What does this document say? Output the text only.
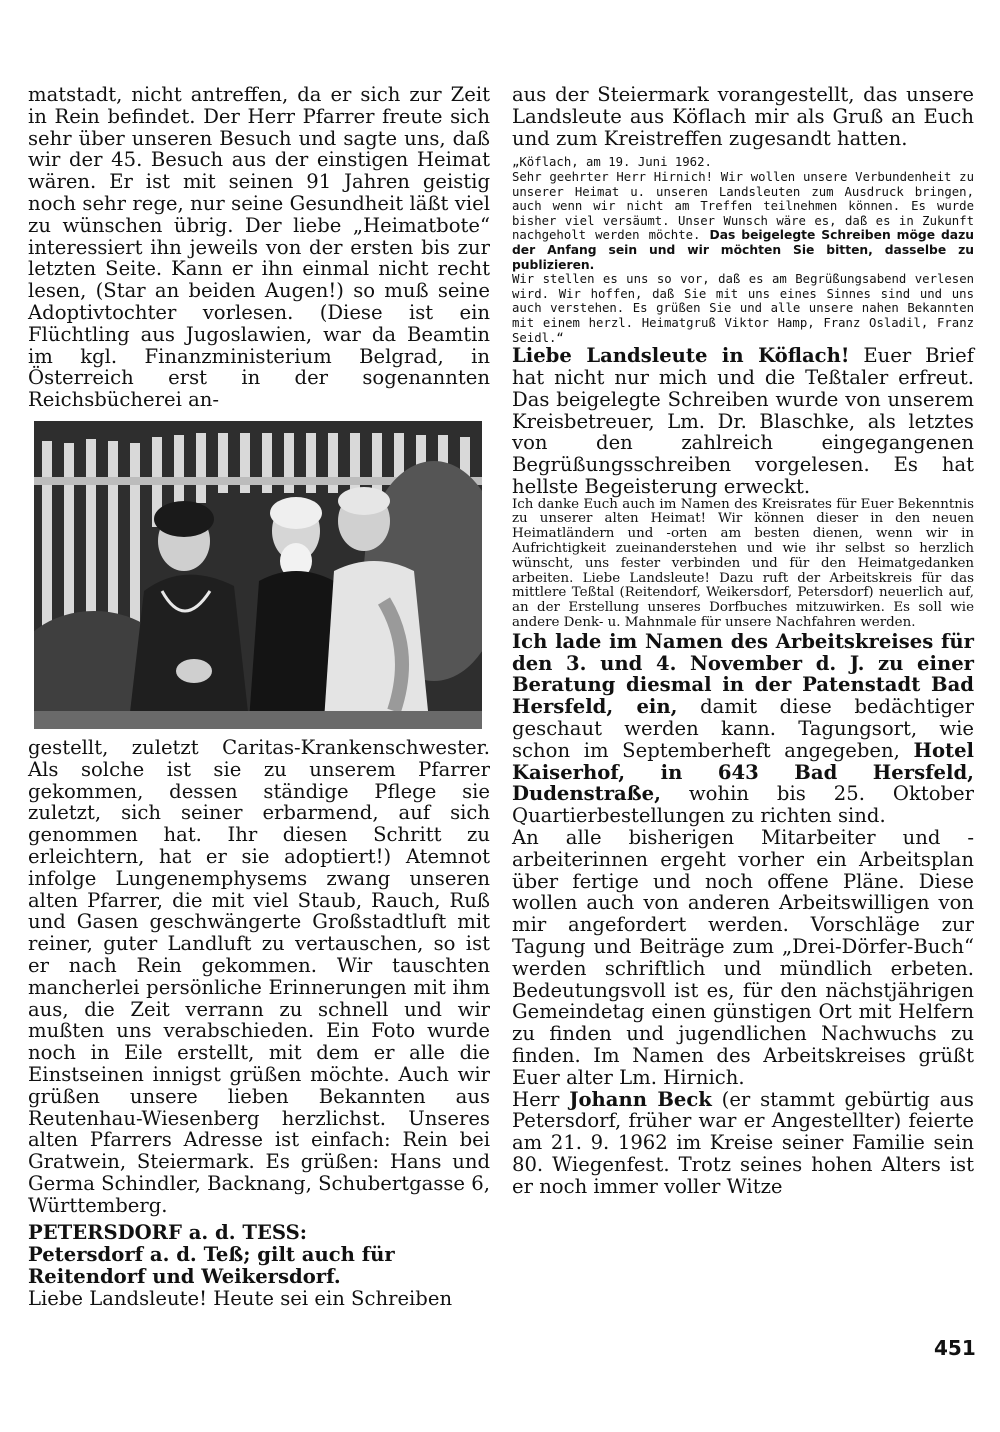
matstadt, nicht antreffen, da er sich zur Zeit in Rein befindet. Der Herr Pfarrer freute sich sehr über unseren Besuch und sagte uns, daß wir der 45. Besuch aus der einstigen Heimat wären. Er ist mit seinen 91 Jahren geistig noch sehr rege, nur seine Gesundheit läßt viel zu wünschen übrig. Der liebe „Heimatbote“ interessiert ihn jeweils von der ersten bis zur letzten Seite. Kann er ihn einmal nicht recht lesen, (Star an beiden Augen!) so muß seine Adoptivtochter vorlesen. (Diese ist ein Flüchtling aus Jugoslawien, war da Beamtin im kgl. Finanzministerium Belgrad, in Österreich erst in der sogenannten Reichsbücherei an-

gestellt, zuletzt Caritas-Krankenschwester. Als solche ist sie zu unserem Pfarrer gekommen, dessen ständige Pflege sie zuletzt, sich seiner erbarmend, auf sich genommen hat. Ihr diesen Schritt zu erleichtern, hat er sie adoptiert!) Atemnot infolge Lungenemphysems zwang unseren alten Pfarrer, die mit viel Staub, Rauch, Ruß und Gasen geschwängerte Großstadtluft mit reiner, guter Landluft zu vertauschen, so ist er nach Rein gekommen. Wir tauschten mancherlei persönliche Erinnerungen mit ihm aus, die Zeit verrann zu schnell und wir mußten uns verabschieden. Ein Foto wurde noch in Eile erstellt, mit dem er alle die Einstseinen innigst grüßen möchte. Auch wir grüßen unsere lieben Bekannten aus Reutenhau-Wiesenberg herzlichst. Unseres alten Pfarrers Adresse ist einfach: Rein bei Gratwein, Steiermark. Es grüßen: Hans und Germa Schindler, Backnang, Schubertgasse 6, Württemberg.

PETERSDORF a. d. TESS:

Petersdorf a. d. Teß; gilt auch für Reitendorf und Weikersdorf.

Liebe Landsleute! Heute sei ein Schreiben

aus der Steiermark vorangestellt, das unsere Landsleute aus Köflach mir als Gruß an Euch und zum Kreistreffen zugesandt hatten.

„Köflach, am 19. Juni 1962.

Sehr geehrter Herr Hirnich! Wir wollen unsere Verbundenheit zu unserer Heimat u. unseren Landsleuten zum Ausdruck bringen, auch wenn wir nicht am Treffen teilnehmen können. Es wurde bisher viel versäumt. Unser Wunsch wäre es, daß es in Zukunft nachgeholt werden möchte. Das beigelegte Schreiben möge dazu der Anfang sein und wir möchten Sie bitten, dasselbe zu publizieren.

Wir stellen es uns so vor, daß es am Begrüßungsabend verlesen wird. Wir hoffen, daß Sie mit uns eines Sinnes sind und uns auch verstehen. Es grüßen Sie und alle unsere nahen Bekannten mit einem herzl. Heimatgruß Viktor Hamp, Franz Osladil, Franz Seidl.“

Liebe Landsleute in Köflach! Euer Brief hat nicht nur mich und die Teßtaler erfreut. Das beigelegte Schreiben wurde von unserem Kreisbetreuer, Lm. Dr. Blaschke, als letztes von den zahlreich eingegangenen Begrüßungsschreiben vorgelesen. Es hat hellste Begeisterung erweckt.

Ich danke Euch auch im Namen des Kreisrates für Euer Bekenntnis zu unserer alten Heimat! Wir können dieser in den neuen Heimatländern und -orten am besten dienen, wenn wir in Aufrichtigkeit zueinanderstehen und wie ihr selbst so herzlich wünscht, uns fester verbinden und für den Heimatgedanken arbeiten. Liebe Landsleute! Dazu ruft der Arbeitskreis für das mittlere Teßtal (Reitendorf, Weikersdorf, Petersdorf) neuerlich auf, an der Erstellung unseres Dorfbuches mitzuwirken. Es soll wie andere Denk- u. Mahnmale für unsere Nachfahren werden.

Ich lade im Namen des Arbeitskreises für den 3. und 4. November d. J. zu einer Beratung diesmal in der Patenstadt Bad Hersfeld, ein, damit diese bedächtiger geschaut werden kann. Tagungsort, wie schon im Septemberheft angegeben, Hotel Kaiserhof, in 643 Bad Hersfeld, Dudenstraße, wohin bis 25. Oktober Quartierbestellungen zu richten sind.

An alle bisherigen Mitarbeiter und -arbeiterinnen ergeht vorher ein Arbeitsplan über fertige und noch offene Pläne. Diese wollen auch von anderen Arbeitswilligen von mir angefordert werden. Vorschläge zur Tagung und Beiträge zum „Drei-Dörfer-Buch“ werden schriftlich und mündlich erbeten. Bedeutungsvoll ist es, für den nächstjährigen Gemeindetag einen günstigen Ort mit Helfern zu finden und jugendlichen Nachwuchs zu finden. Im Namen des Arbeitskreises grüßt Euer alter Lm. Hirnich.

Herr Johann Beck (er stammt gebürtig aus Petersdorf, früher war er Angestellter) feierte am 21. 9. 1962 im Kreise seiner Familie sein 80. Wiegenfest. Trotz seines hohen Alters ist er noch immer voller Witze

451
